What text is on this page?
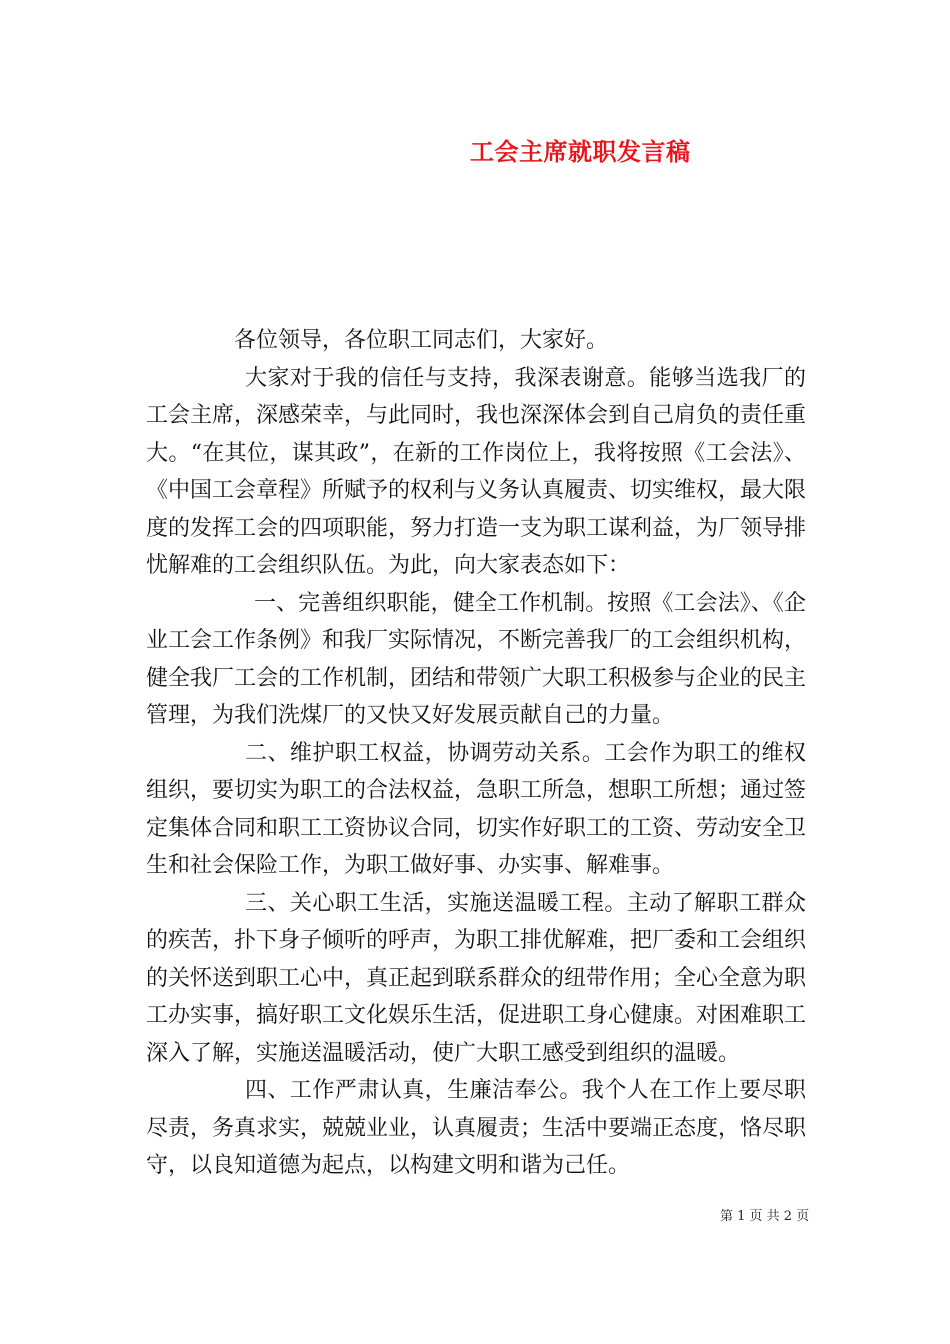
工会主席就职发言稿

各位领导，各位职工同志们，大家好。

大家对于我的信任与支持，我深表谢意。能够当选我厂的工会主席，深感荣幸，与此同时，我也深深体会到自己肩负的责任重大。“在其位，谋其政”，在新的工作岗位上，我将按照《工会法》、《中国工会章程》所赋予的权利与义务认真履责、切实维权，最大限度的发挥工会的四项职能，努力打造一支为职工谋利益，为厂领导排忧解难的工会组织队伍。为此，向大家表态如下：

一、完善组织职能，健全工作机制。按照《工会法》、《企业工会工作条例》和我厂实际情况，不断完善我厂的工会组织机构，健全我厂工会的工作机制，团结和带领广大职工积极参与企业的民主管理，为我们洗煤厂的又快又好发展贡献自己的力量。

二、维护职工权益，协调劳动关系。工会作为职工的维权组织，要切实为职工的合法权益，急职工所急，想职工所想；通过签定集体合同和职工工资协议合同，切实作好职工的工资、劳动安全卫生和社会保险工作，为职工做好事、办实事、解难事。

三、关心职工生活，实施送温暖工程。主动了解职工群众的疾苦，扑下身子倾听的呼声，为职工排优解难，把厂委和工会组织的关怀送到职工心中，真正起到联系群众的纽带作用；全心全意为职工办实事，搞好职工文化娱乐生活，促进职工身心健康。对困难职工深入了解，实施送温暖活动，使广大职工感受到组织的温暖。

四、工作严肃认真，生廉洁奉公。我个人在工作上要尽职尽责，务真求实，兢兢业业，认真履责；生活中要端正态度，恪尽职守，以良知道德为起点，以构建文明和谐为己任。

第 1 页 共 2 页
